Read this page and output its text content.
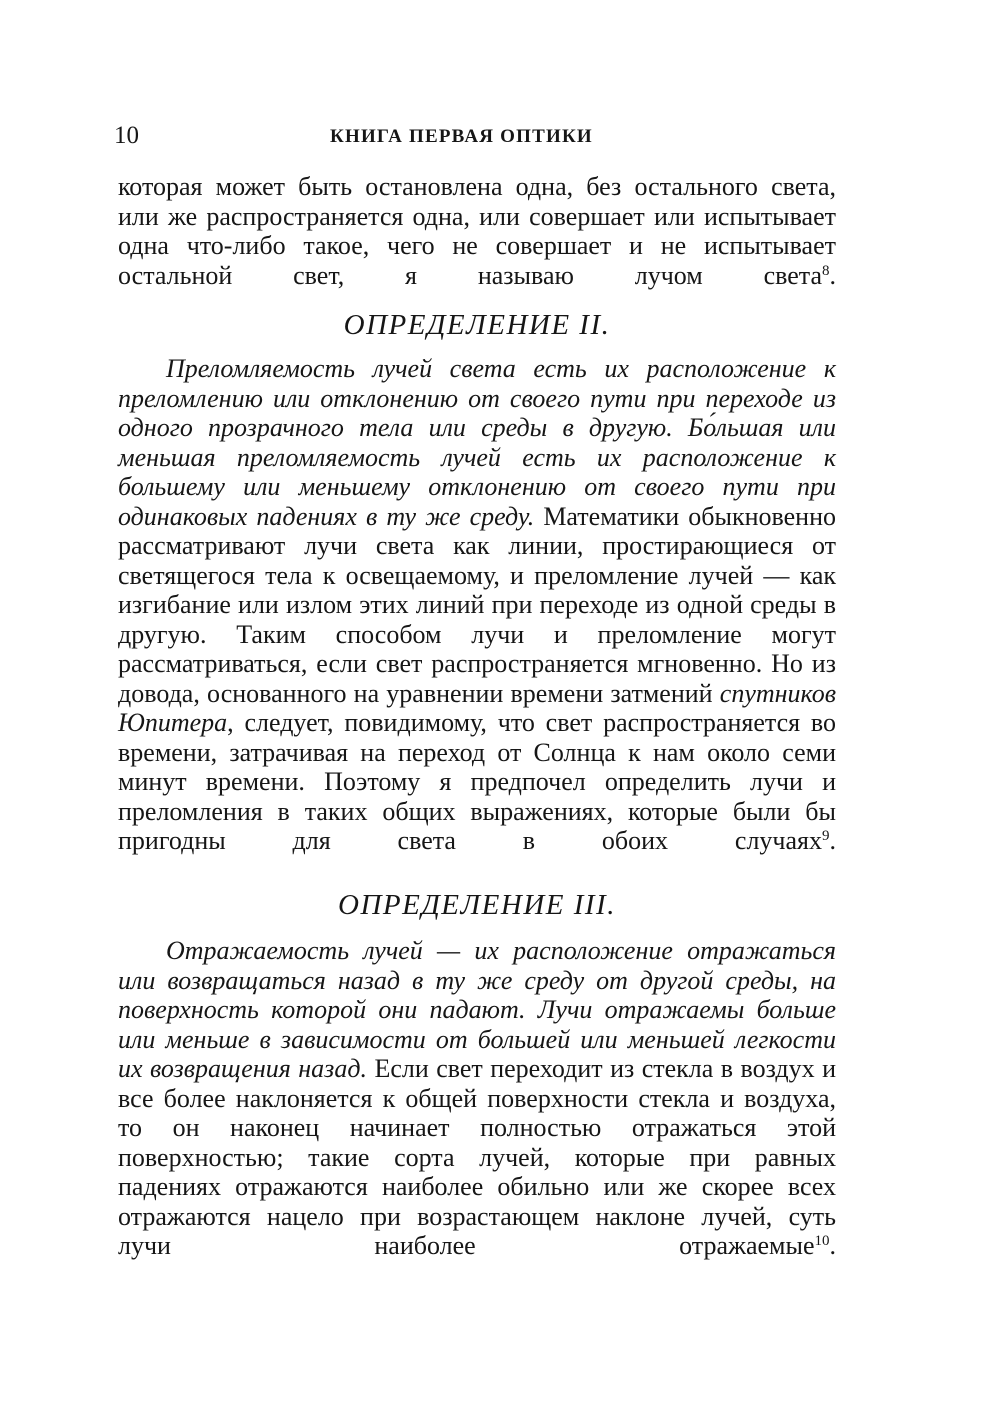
10	КНИГА ПЕРВАЯ ОПТИКИ

которая может быть остановлена одна, без остального света, или же распространяется одна, или совершает или испытывает одна что-либо такое, чего не совершает и не испытывает остальной свет, я называю лучом света$^8$.

ОПРЕДЕЛЕНИЕ II.

Преломляемость лучей света есть их расположение к преломлению или отклонению от своего пути при переходе из одного прозрачного тела или среды в другую. Бо́льшая или меньшая преломляемость лучей есть их расположение к большему или меньшему отклонению от своего пути при одинаковых падениях в ту же среду. Математики обыкновенно рассматривают лучи света как линии, простирающиеся от светящегося тела к освещаемому, и преломление лучей — как изгибание или излом этих линий при переходе из одной среды в другую. Таким способом лучи и преломление могут рассматриваться, если свет распространяется мгновенно. Но из довода, основанного на уравнении времени затмений спутников Юпитера, следует, повидимому, что свет распространяется во времени, затрачивая на переход от Солнца к нам около семи минут времени. Поэтому я предпочел определить лучи и преломления в таких общих выражениях, которые были бы пригодны для света в обоих случаях$^9$.

ОПРЕДЕЛЕНИЕ III.

Отражаемость лучей — их расположение отражаться или возвращаться назад в ту же среду от другой среды, на поверхность которой они падают. Лучи отражаемы больше или меньше в зависимости от большей или меньшей легкости их возвращения назад. Если свет переходит из стекла в воздух и все более наклоняется к общей поверхности стекла и воздуха, то он наконец начинает полностью отражаться этой поверхностью; такие сорта лучей, которые при равных падениях отражаются наиболее обильно или же скорее всех отражаются нацело при возрастающем наклоне лучей, суть лучи наиболее отражаемые$^{10}$.
